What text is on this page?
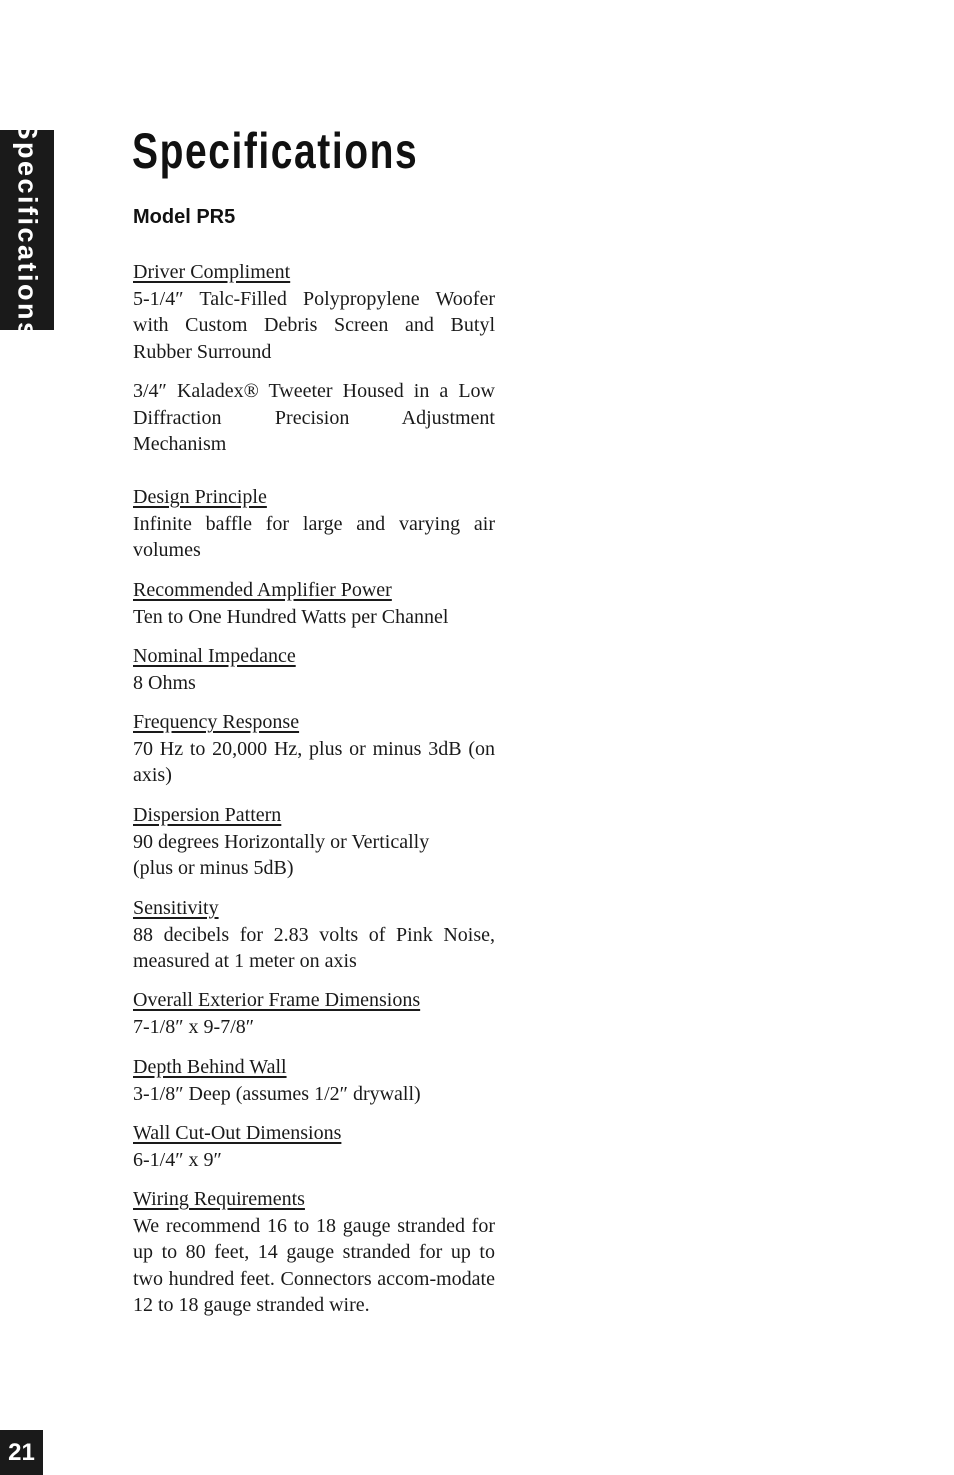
Specifications Specifications
Model PR5
Driver Compliment
5-1/4″ Talc-Filled Polypropylene Woofer with Custom Debris Screen and Butyl Rubber Surround
3/4″ Kaladex® Tweeter Housed in a Low Diffraction Precision Adjustment Mechanism
Design Principle
Infinite baffle for large and varying air volumes
Recommended Amplifier Power
Ten to One Hundred Watts per Channel
Nominal Impedance
8 Ohms
Frequency Response
70 Hz to 20,000 Hz, plus or minus 3dB (on axis)
Dispersion Pattern
90 degrees Horizontally or Vertically
(plus or minus 5dB)
Sensitivity
88 decibels for 2.83 volts of Pink Noise, measured at 1 meter on axis
Overall Exterior Frame Dimensions
7-1/8″ x 9-7/8″
Depth Behind Wall
3-1/8″ Deep (assumes 1/2″ drywall)
Wall Cut-Out Dimensions
6-1/4″ x 9″
Wiring Requirements
We recommend 16 to 18 gauge stranded for up to 80 feet, 14 gauge stranded for up to two hundred feet. Connectors accom-modate 12 to 18 gauge stranded wire.
21
